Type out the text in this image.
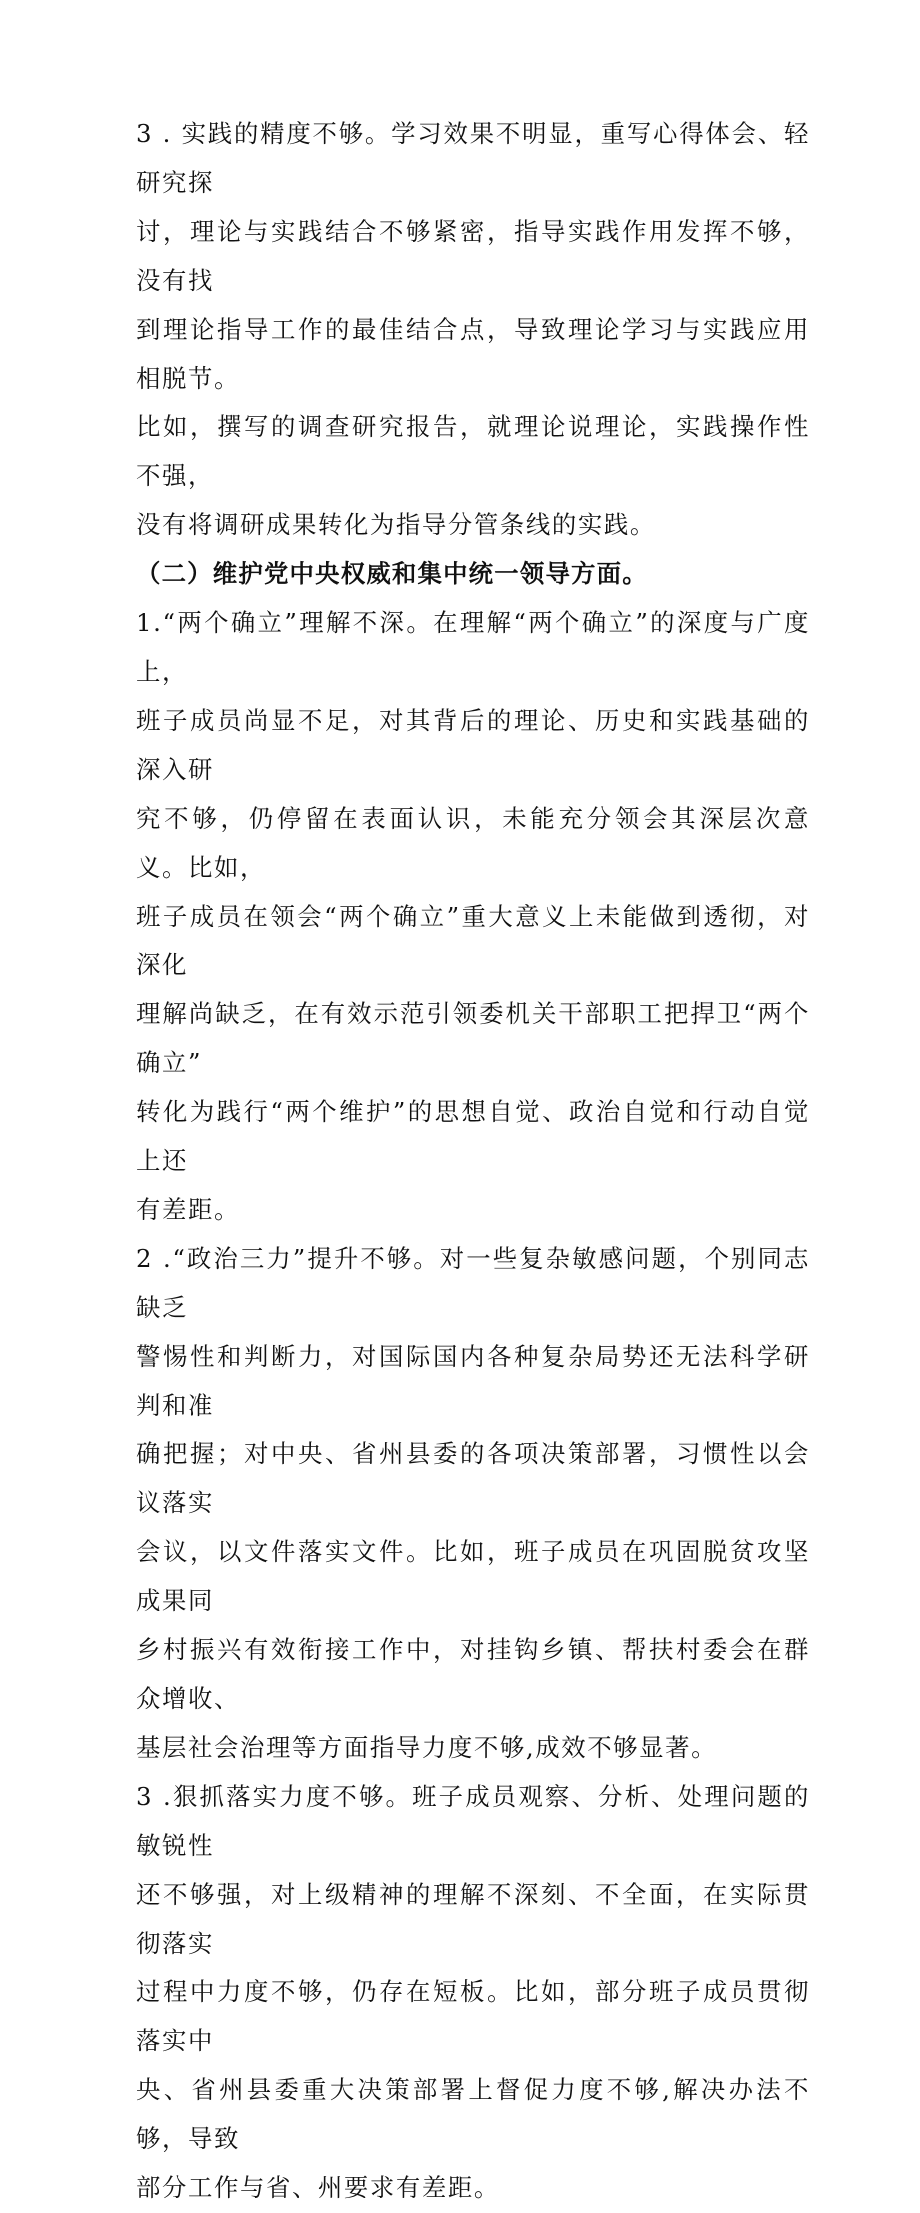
3 . 实践的精度不够。学习效果不明显，重写心得体会、轻研究探
讨，理论与实践结合不够紧密，指导实践作用发挥不够，没有找
到理论指导工作的最佳结合点，导致理论学习与实践应用相脱节。
比如，撰写的调查研究报告，就理论说理论，实践操作性不强，
没有将调研成果转化为指导分管条线的实践。
（二）维护党中央权威和集中统一领导方面。
1.“两个确立”理解不深。在理解“两个确立”的深度与广度上，
班子成员尚显不足，对其背后的理论、历史和实践基础的深入研
究不够，仍停留在表面认识，未能充分领会其深层次意义。比如，
班子成员在领会“两个确立”重大意义上未能做到透彻，对深化
理解尚缺乏，在有效示范引领委机关干部职工把捍卫“两个确立”
转化为践行“两个维护”的思想自觉、政治自觉和行动自觉上还
有差距。
2 .“政治三力”提升不够。对一些复杂敏感问题，个别同志缺乏
警惕性和判断力，对国际国内各种复杂局势还无法科学研判和准
确把握；对中央、省州县委的各项决策部署，习惯性以会议落实
会议，以文件落实文件。比如，班子成员在巩固脱贫攻坚成果同
乡村振兴有效衔接工作中，对挂钩乡镇、帮扶村委会在群众增收、
基层社会治理等方面指导力度不够,成效不够显著。
3 .狠抓落实力度不够。班子成员观察、分析、处理问题的敏锐性
还不够强，对上级精神的理解不深刻、不全面，在实际贯彻落实
过程中力度不够，仍存在短板。比如，部分班子成员贯彻落实中
央、省州县委重大决策部署上督促力度不够,解决办法不够，导致
部分工作与省、州要求有差距。
